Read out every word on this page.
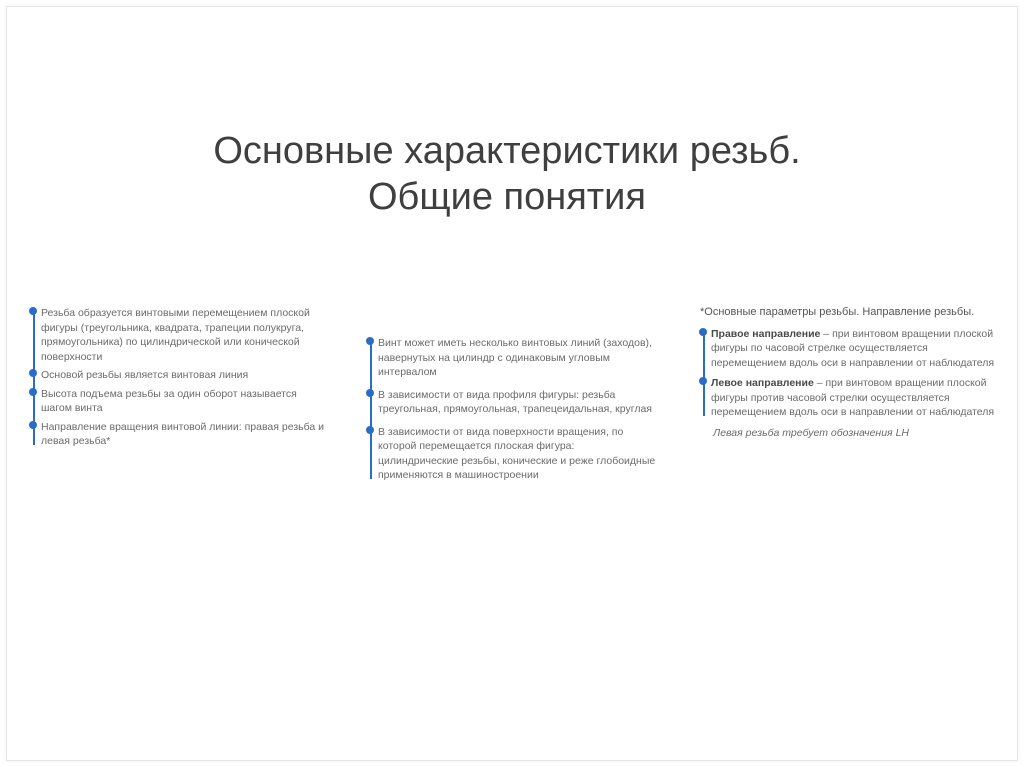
Основные характеристики резьб.
Общие понятия
Резьба образуется винтовыми перемещением плоской фигуры (треугольника, квадрата, трапеции полукруга, прямоугольника) по цилиндрической или конической поверхности
Основой резьбы является винтовая линия
Высота подъема резьбы за один оборот называется шагом винта
Направление вращения винтовой линии: правая резьба и левая резьба*
Винт может иметь несколько винтовых линий (заходов), навернутых на цилиндр с одинаковым угловым интервалом
В зависимости от вида профиля фигуры: резьба треугольная, прямоугольная, трапецеидальная, круглая
В зависимости от вида поверхности вращения, по которой перемещается плоская фигура: цилиндрические резьбы, конические и реже глобоидные применяются в машиностроении
*Основные параметры резьбы. Направление резьбы.
Правое направление – при винтовом вращении плоской фигуры по часовой стрелке осуществляется перемещением вдоль оси в направлении от наблюдателя
Левое направление – при винтовом вращении плоской фигуры против часовой стрелки осуществляется перемещением вдоль оси в направлении от наблюдателя
Левая резьба требует обозначения LH
